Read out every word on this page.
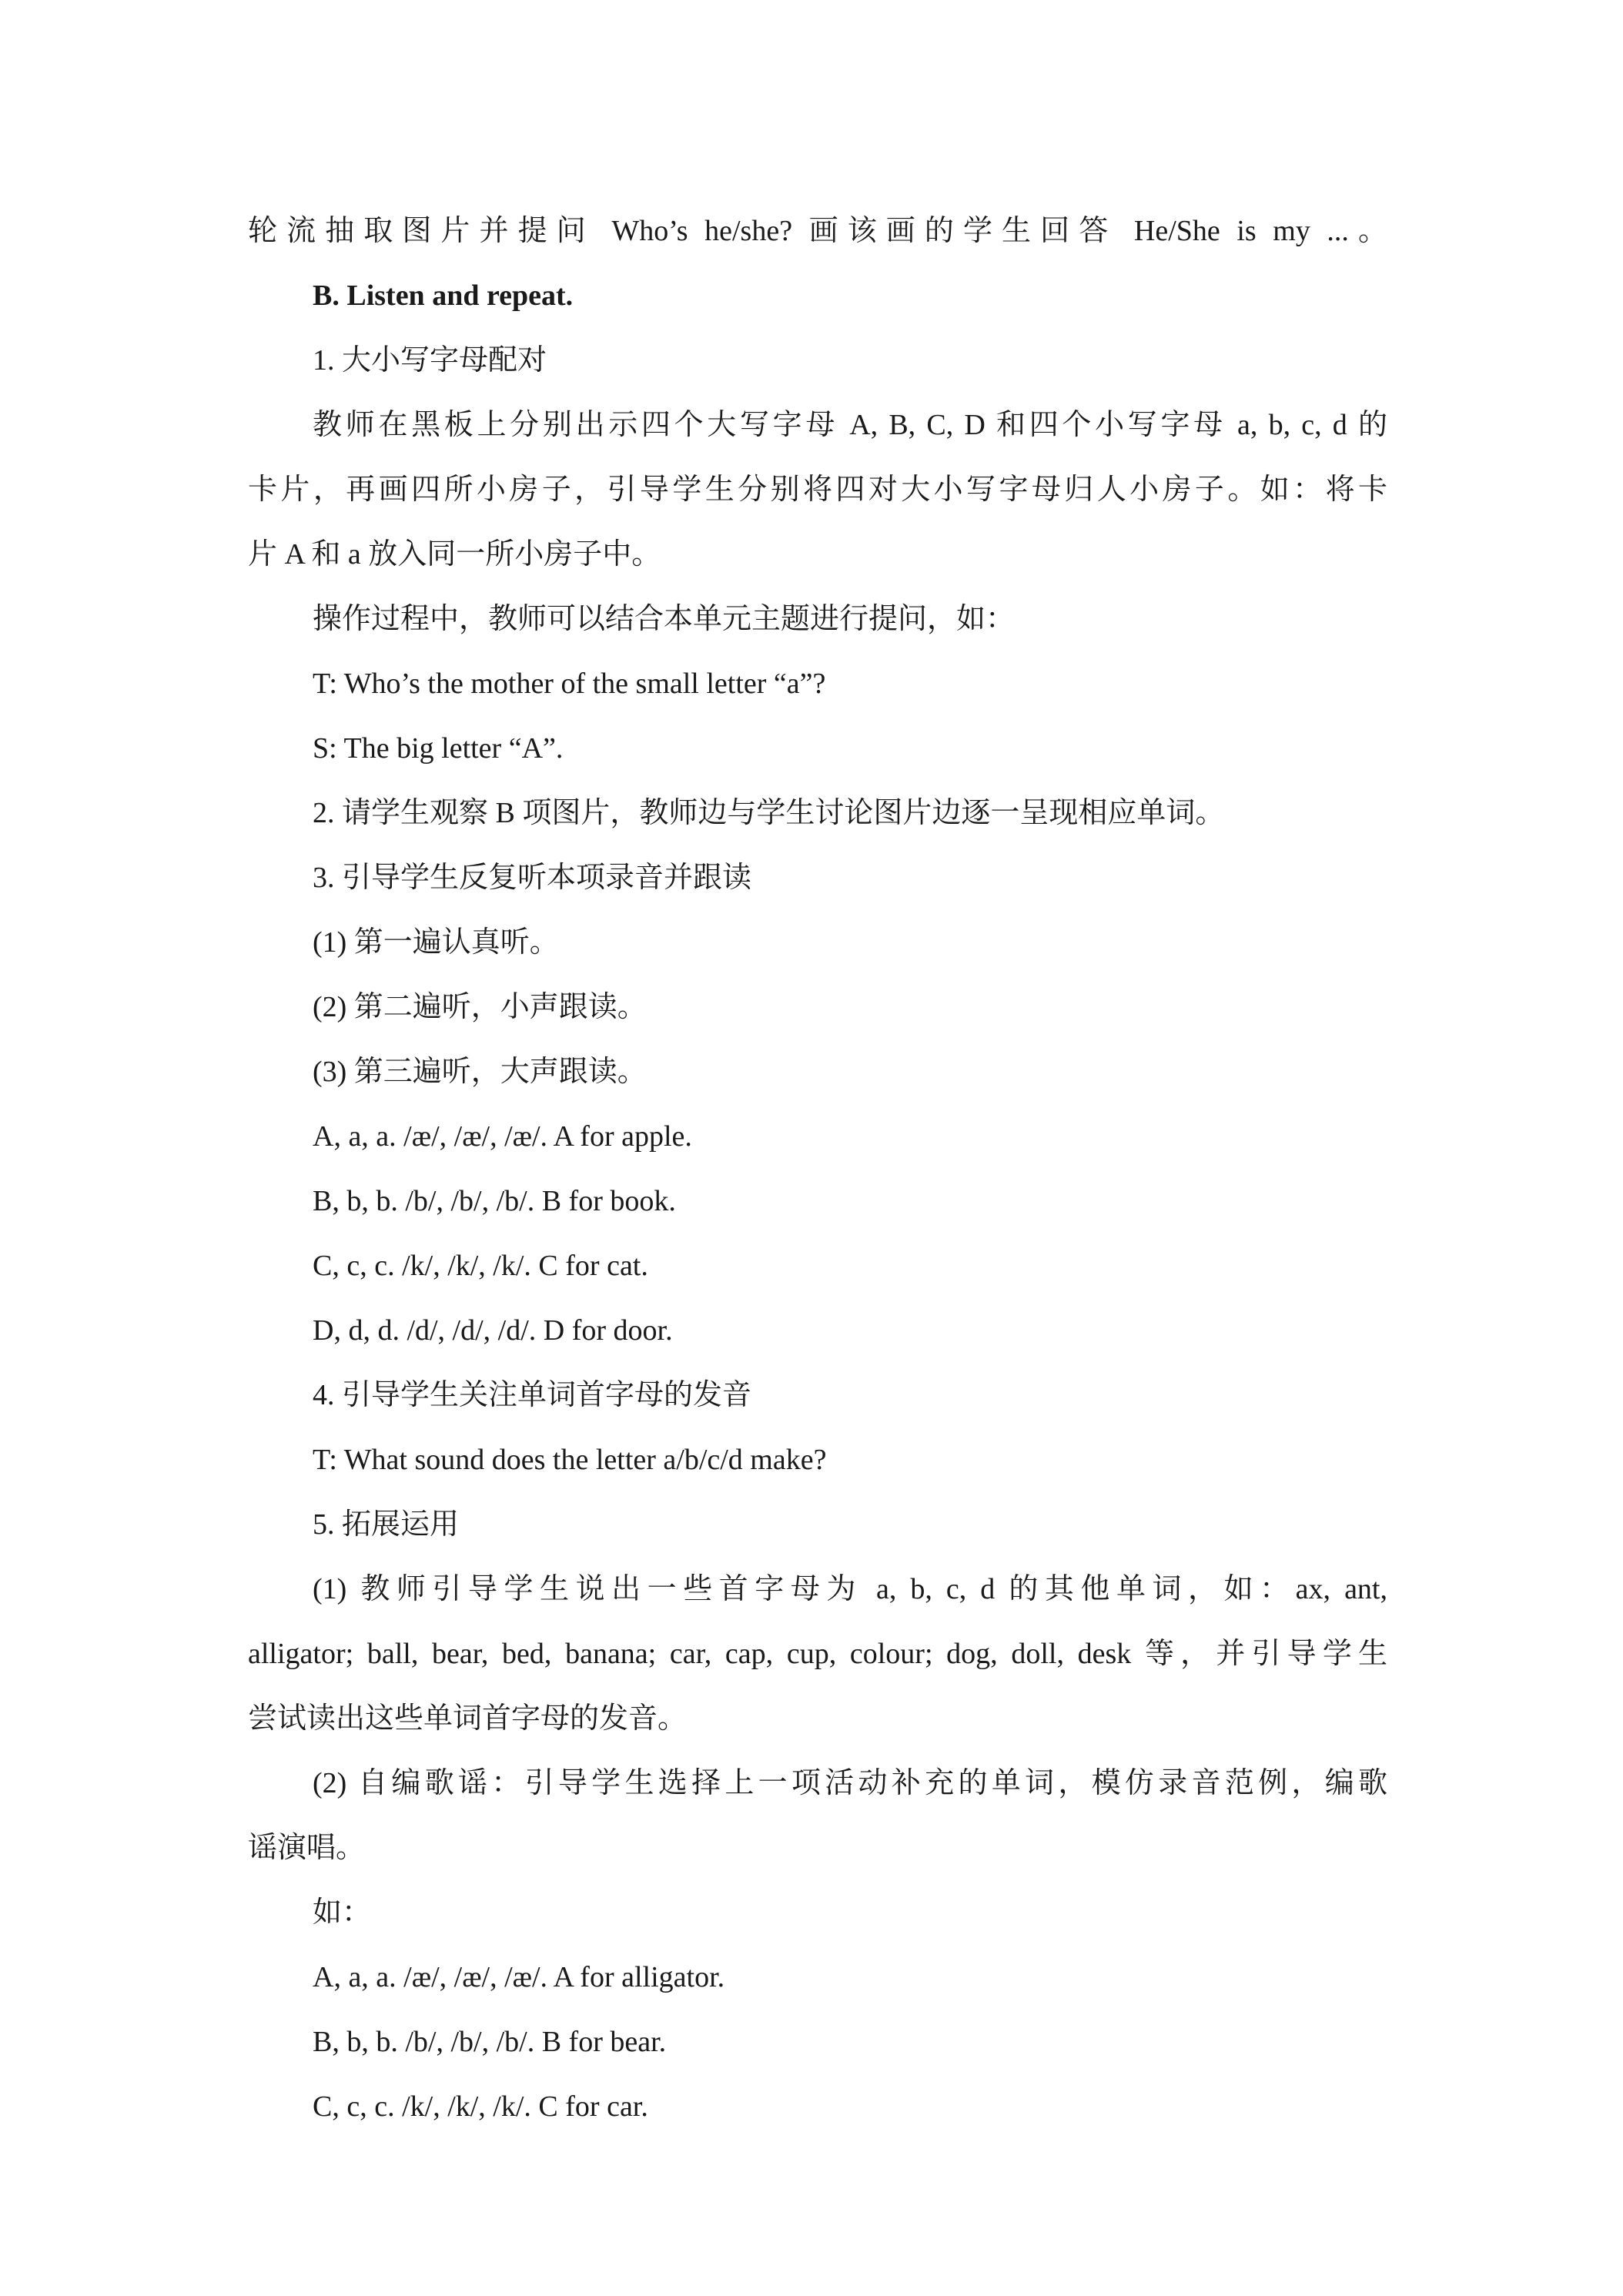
轮流抽取图片并提问 Who’s he/she? 画该画的学生回答 He/She is my ...。
B. Listen and repeat.
1. 大小写字母配对
教师在黑板上分别出示四个大写字母 A, B, C, D 和四个小写字母 a, b, c, d 的
卡片，再画四所小房子，引导学生分别将四对大小写字母归人小房子。如：将卡
片 A 和 a 放入同一所小房子中。
操作过程中，教师可以结合本单元主题进行提问，如：
T: Who’s the mother of the small letter “a”?
S: The big letter “A”.
2. 请学生观察 B 项图片，教师边与学生讨论图片边逐一呈现相应单词。
3. 引导学生反复听本项录音并跟读
(1) 第一遍认真听。
(2) 第二遍听，小声跟读。
(3) 第三遍听，大声跟读。
A, a, a. /æ/, /æ/, /æ/. A for apple.
B, b, b. /b/, /b/, /b/. B for book.
C, c, c. /k/, /k/, /k/. C for cat.
D, d, d. /d/, /d/, /d/. D for door.
4. 引导学生关注单词首字母的发音
T: What sound does the letter a/b/c/d make?
5. 拓展运用
(1) 教师引导学生说出一些首字母为 a, b, c, d 的其他单词，如：ax, ant,
alligator; ball, bear, bed, banana; car, cap, cup, colour; dog, doll, desk 等，并引导学生
尝试读出这些单词首字母的发音。
(2) 自编歌谣：引导学生选择上一项活动补充的单词，模仿录音范例，编歌
谣演唱。
如：
A, a, a. /æ/, /æ/, /æ/. A for alligator.
B, b, b. /b/, /b/, /b/. B for bear.
C, c, c. /k/, /k/, /k/. C for car.
